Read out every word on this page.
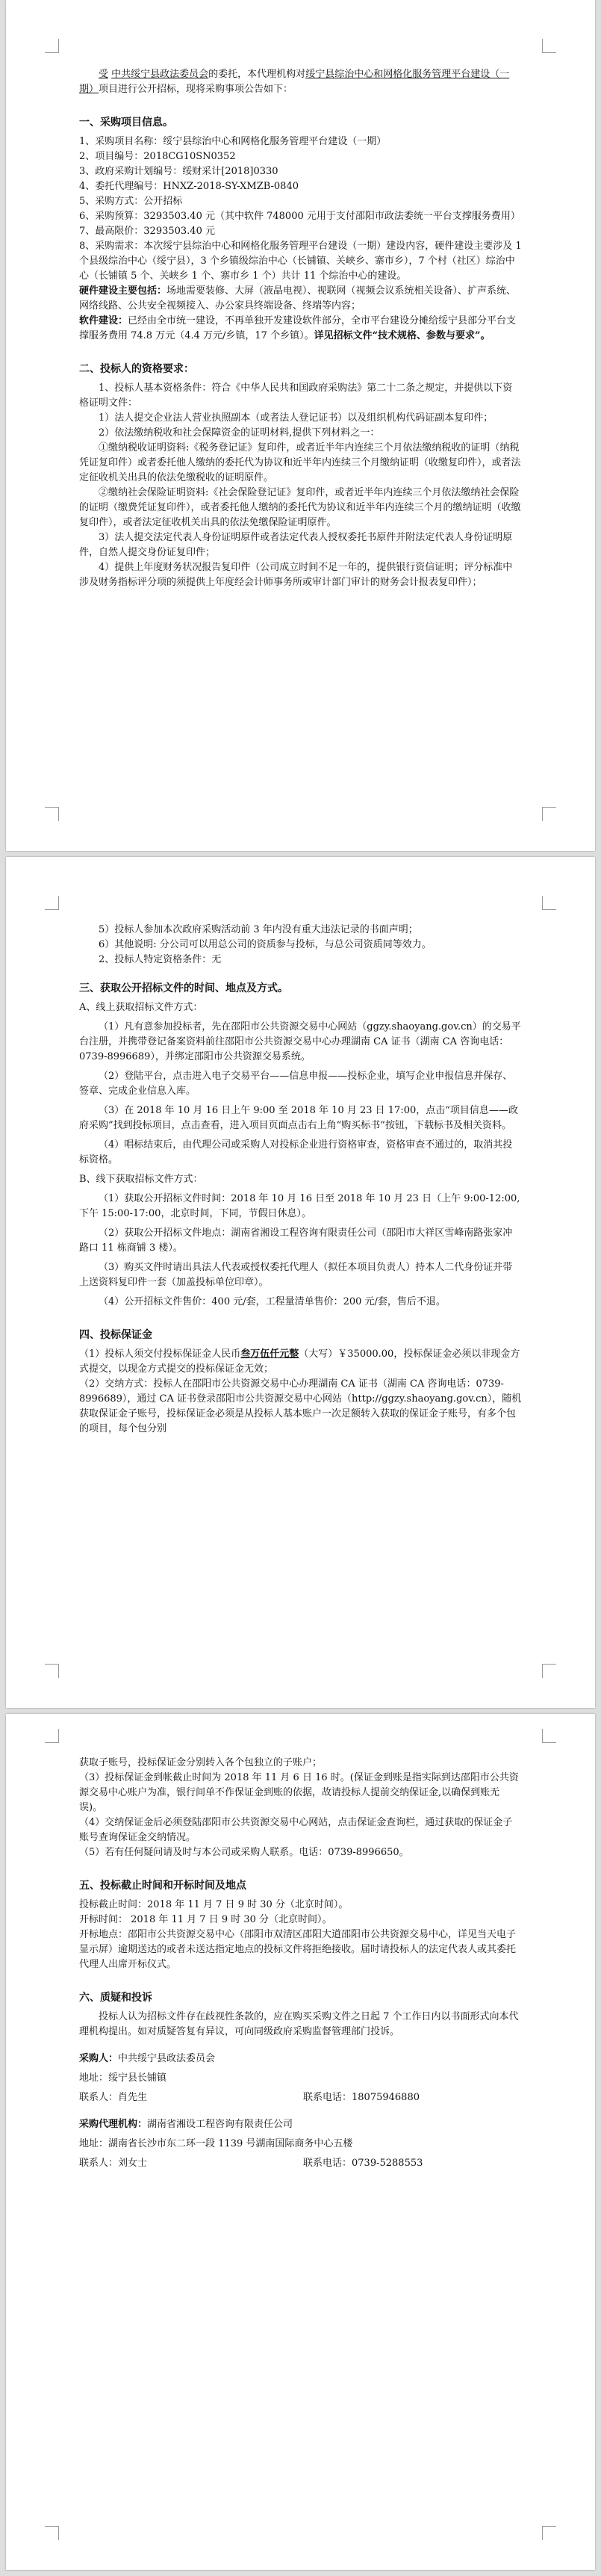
受 中共绥宁县政法委员会的委托，本代理机构对绥宁县综治中心和网格化服务管理平台建设（一期）项目进行公开招标，现将采购事项公告如下：

一、采购项目信息。

1、采购项目名称：绥宁县综治中心和网格化服务管理平台建设（一期）

2、项目编号：2018CG10SN0352

3、政府采购计划编号：绥财采计[2018]0330

4、委托代理编号：HNXZ-2018-SY-XMZB-0840

5、采购方式：公开招标

6、采购预算：3293503.40 元（其中软件 748000 元用于支付邵阳市政法委统一平台支撑服务费用）

7、最高限价：3293503.40 元

8、采购需求：本次绥宁县综治中心和网格化服务管理平台建设（一期）建设内容，硬件建设主要涉及 1 个县级综治中心（绥宁县），3 个乡镇级综治中心（长铺镇、关峡乡、寨市乡），7 个村（社区）综治中心（长铺镇 5 个、关峡乡 1 个、寨市乡 1 个）共计 11 个综治中心的建设。

硬件建设主要包括：场地需要装修、大屏（液晶电视）、视联网（视频会议系统相关设备）、扩声系统、网络线路、公共安全视频接入、办公家具终端设备、终端等内容；

软件建设：已经由全市统一建设，不再单独开发建设软件部分，全市平台建设分摊给绥宁县部分平台支撑服务费用 74.8 万元（4.4 万元/乡镇，17 个乡镇）。详见招标文件“技术规格、参数与要求”。

二、投标人的资格要求：

1、投标人基本资格条件：符合《中华人民共和国政府采购法》第二十二条之规定，并提供以下资格证明文件：

1）法人提交企业法人营业执照副本（或者法人登记证书）以及组织机构代码证副本复印件；

2）依法缴纳税收和社会保障资金的证明材料,提供下列材料之一：

①缴纳税收证明资料:《税务登记证》复印件，或者近半年内连续三个月依法缴纳税收的证明（纳税凭证复印件）或者委托他人缴纳的委托代为协议和近半年内连续三个月缴纳证明（收缴复印件），或者法定征收机关出具的依法免缴税收的证明原件。

②缴纳社会保险证明资料:《社会保险登记证》复印件，或者近半年内连续三个月依法缴纳社会保险的证明（缴费凭证复印件），或者委托他人缴纳的委托代为协议和近半年内连续三个月的缴纳证明（收缴复印件），或者法定征收机关出具的依法免缴保险证明原件。

3）法人提交法定代表人身份证明原件或者法定代表人授权委托书原件并附法定代表人身份证明原件，自然人提交身份证复印件；

4）提供上年度财务状况报告复印件（公司成立时间不足一年的，提供银行资信证明；评分标准中涉及财务指标评分项的须提供上年度经会计师事务所或审计部门审计的财务会计报表复印件）；

5）投标人参加本次政府采购活动前 3 年内没有重大违法记录的书面声明；

6）其他说明: 分公司可以用总公司的资质参与投标，与总公司资质同等效力。

2、投标人特定资格条件：无

三、获取公开招标文件的时间、地点及方式。

A、线上获取招标文件方式：

（1）凡有意参加投标者，先在邵阳市公共资源交易中心网站（ggzy.shaoyang.gov.cn）的交易平台注册，并携带登记备案资料前往邵阳市公共资源交易中心办理湖南 CA 证书（湖南 CA 咨询电话：0739-8996689），并绑定邵阳市公共资源交易系统。

（2）登陆平台，点击进入电子交易平台——信息申报——投标企业，填写企业申报信息并保存、签章、完成企业信息入库。

（3）在 2018 年 10 月 16 日上午 9:00 至 2018 年 10 月 23 日 17:00，点击“项目信息——政府采购”找到投标项目，点击查看，进入项目页面点击右上角“购买标书”按钮，下载标书及相关资料。

（4）唱标结束后，由代理公司或采购人对投标企业进行资格审查，资格审查不通过的，取消其投标资格。

B、线下获取招标文件方式：

（1）获取公开招标文件时间：2018 年 10 月 16 日至 2018 年 10 月 23 日（上午 9:00-12:00,下午 15:00-17:00，北京时间，下同，节假日休息）。

（2）获取公开招标文件地点：湖南省湘设工程咨询有限责任公司（邵阳市大祥区雪峰南路张家冲路口 11 栋商铺 3 楼）。

（3）购买文件时请出具法人代表或授权委托代理人（拟任本项目负责人）持本人二代身份证并带上送资料复印件一套（加盖投标单位印章）。

（4）公开招标文件售价：400 元/套，工程量清单售价：200 元/套，售后不退。

四、投标保证金

（1）投标人须交付投标保证金人民币叁万伍仟元整（大写）￥35000.00，投标保证金必须以非现金方式提交，以现金方式提交的投标保证金无效；

（2）交纳方式：投标人在邵阳市公共资源交易中心办理湖南 CA 证书（湖南 CA 咨询电话：0739-8996689），通过 CA 证书登录邵阳市公共资源交易中心网站（http://ggzy.shaoyang.gov.cn），随机获取保证金子账号，投标保证金必须是从投标人基本账户一次足额转入获取的保证金子账号，有多个包的项目，每个包分别

获取子账号，投标保证金分别转入各个包独立的子账户；

（3）投标保证金到帐截止时间为 2018 年 11 月 6 日 16 时。(保证金到账是指实际到达邵阳市公共资源交易中心账户为准，银行间单不作保证金到账的依据，故请投标人提前交纳保证金,以确保到账无误)。

（4）交纳保证金后必须登陆邵阳市公共资源交易中心网站，点击保证金查询栏，通过获取的保证金子账号查询保证金交纳情况。

（5）若有任何疑问请及时与本公司或采购人联系。电话：0739-8996650。

五、投标截止时间和开标时间及地点

投标截止时间：2018 年 11 月 7 日 9 时 30 分（北京时间）。

开标时间： 2018 年 11 月 7 日 9 时 30 分（北京时间）。

开标地点：邵阳市公共资源交易中心（邵阳市双清区邵阳大道邵阳市公共资源交易中心，详见当天电子显示屏）逾期送达的或者未送达指定地点的投标文件将拒绝接收。届时请投标人的法定代表人或其委托代理人出席开标仪式。

六、质疑和投诉

投标人认为招标文件存在歧视性条款的，应在购买采购文件之日起 7 个工作日内以书面形式向本代理机构提出。如对质疑答复有异议，可向同级政府采购监督管理部门投诉。

采购人：中共绥宁县政法委员会

地址：绥宁县长铺镇

联系人：肖先生	联系电话：18075946880

采购代理机构：湖南省湘设工程咨询有限责任公司

地址：湖南省长沙市东二环一段 1139 号湖南国际商务中心五楼

联系人：刘女士	联系电话：0739-5288553
